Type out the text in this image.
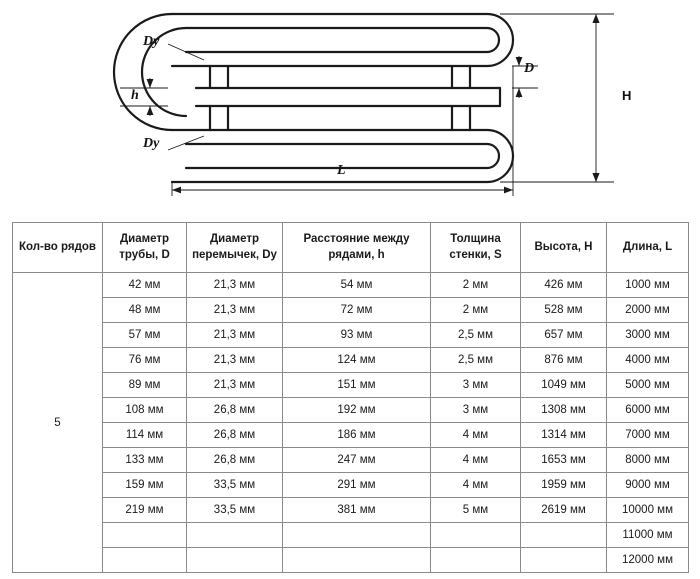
Dy
Dy
h
D
H
L
Кол-во рядов	Диаметр трубы, D	Диаметр перемычек, Dy	Расстояние между рядами, h	Толщина стенки, S	Высота, H	Длина, L
5	42 мм	21,3 мм	54 мм	2 мм	426 мм	1000 мм
	48 мм	21,3 мм	72 мм	2 мм	528 мм	2000 мм
	57 мм	21,3 мм	93 мм	2,5 мм	657 мм	3000 мм
	76 мм	21,3 мм	124 мм	2,5 мм	876 мм	4000 мм
	89 мм	21,3 мм	151 мм	3 мм	1049 мм	5000 мм
	108 мм	26,8 мм	192 мм	3 мм	1308 мм	6000 мм
	114 мм	26,8 мм	186 мм	4 мм	1314 мм	7000 мм
	133 мм	26,8 мм	247 мм	4 мм	1653 мм	8000 мм
	159 мм	33,5 мм	291 мм	4 мм	1959 мм	9000 мм
	219 мм	33,5 мм	381 мм	5 мм	2619 мм	10000 мм
						11000 мм
						12000 мм
